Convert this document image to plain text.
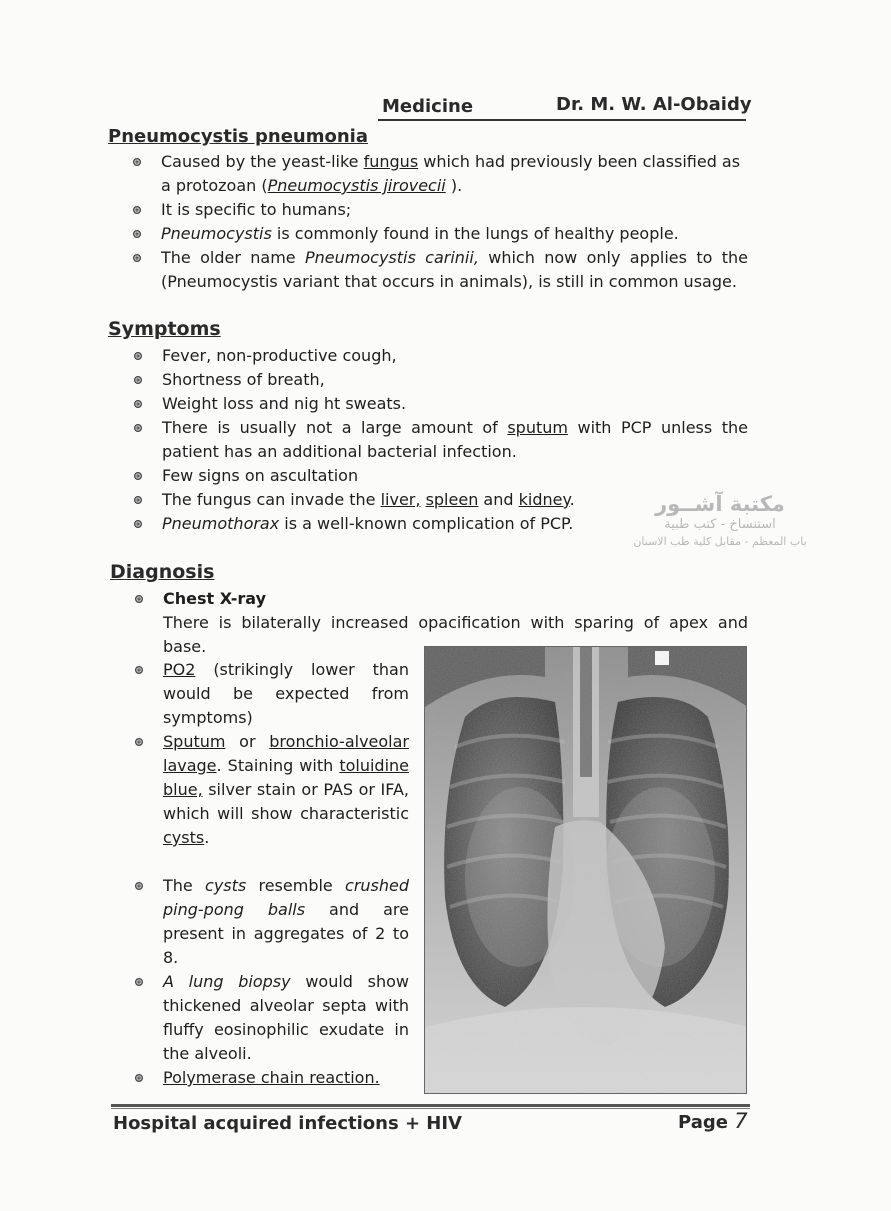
Medicine	Dr. M. W. Al-Obaidy
Pneumocystis pneumonia
Caused by the yeast-like fungus which had previously been classified as a protozoan (Pneumocystis jirovecii ).
It is specific to humans;
Pneumocystis is commonly found in the lungs of healthy people.
The older name Pneumocystis carinii, which now only applies to the (Pneumocystis variant that occurs in animals), is still in common usage.
Symptoms
Fever, non-productive cough,
Shortness of breath,
Weight loss and nig ht sweats.
There is usually not a large amount of sputum with PCP unless the patient has an additional bacterial infection.
Few signs on ascultation
The fungus can invade the liver, spleen and kidney.
Pneumothorax is a well-known complication of PCP.
مكتبة آشــور
استنساخ - كتب طبية
باب المعظم - مقابل كلية طب الاسنان
Diagnosis
Chest X-ray
There is bilaterally increased opacification with sparing of apex and base.
PO2 (strikingly lower than would be expected from symptoms)
Sputum or bronchio-alveolar lavage. Staining with toluidine blue, silver stain or PAS or IFA, which will show characteristic cysts.
The cysts resemble crushed ping-pong balls and are present in aggregates of 2 to 8.
A lung biopsy would show thickened alveolar septa with fluffy eosinophilic exudate in the alveoli.
Polymerase chain reaction.
Hospital acquired infections + HIV	Page 7
